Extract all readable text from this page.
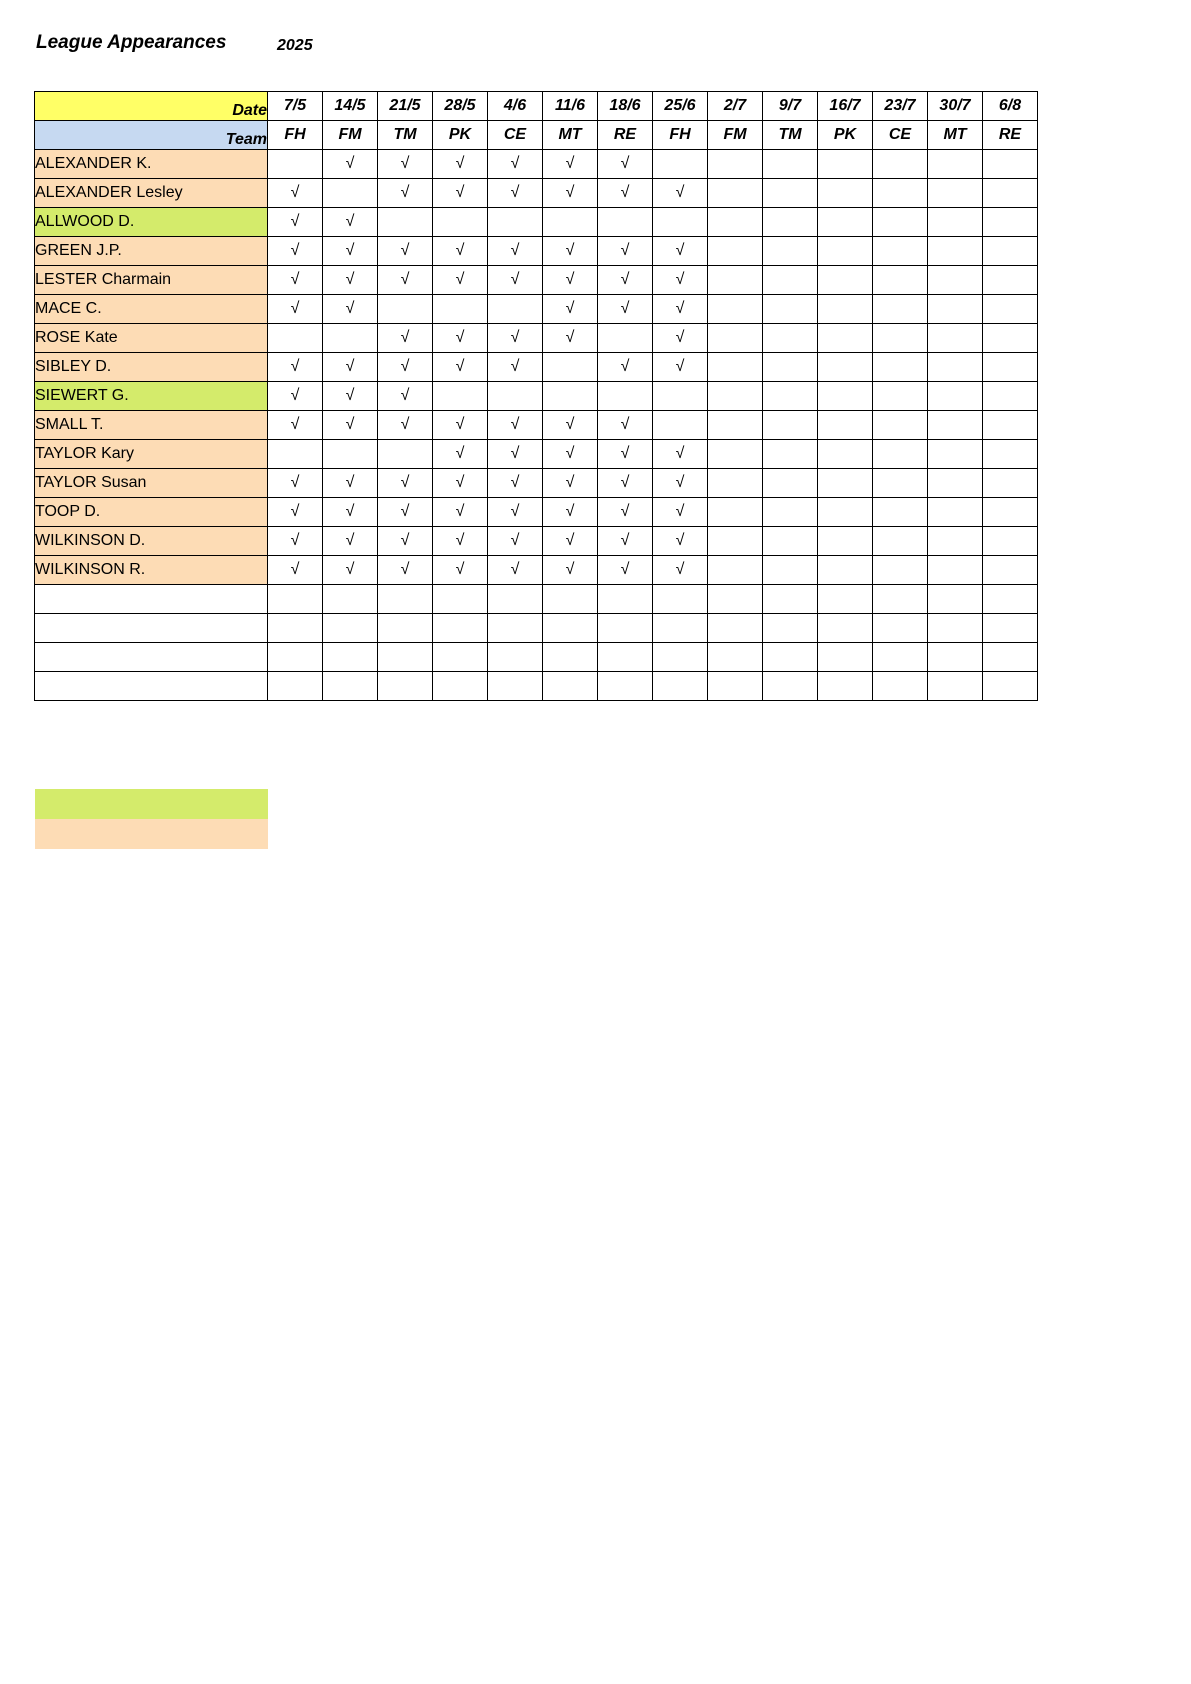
League Appearances	2025
Date	7/5	14/5	21/5	28/5	4/6	11/6	18/6	25/6	2/7	9/7	16/7	23/7	30/7	6/8
Team	FH	FM	TM	PK	CE	MT	RE	FH	FM	TM	PK	CE	MT	RE
ALEXANDER K.		√	√	√	√	√	√							
ALEXANDER Lesley	√		√	√	√	√	√	√						
ALLWOOD D.	√	√												
GREEN J.P.	√	√	√	√	√	√	√	√						
LESTER Charmain	√	√	√	√	√	√	√	√						
MACE C.	√	√				√	√	√						
ROSE Kate			√	√	√	√		√						
SIBLEY D.	√	√	√	√	√		√	√						
SIEWERT G.	√	√	√											
SMALL T.	√	√	√	√	√	√	√							
TAYLOR Kary				√	√	√	√	√						
TAYLOR Susan	√	√	√	√	√	√	√	√						
TOOP D.	√	√	√	√	√	√	√	√						
WILKINSON D.	√	√	√	√	√	√	√	√						
WILKINSON R.	√	√	√	√	√	√	√	√						
